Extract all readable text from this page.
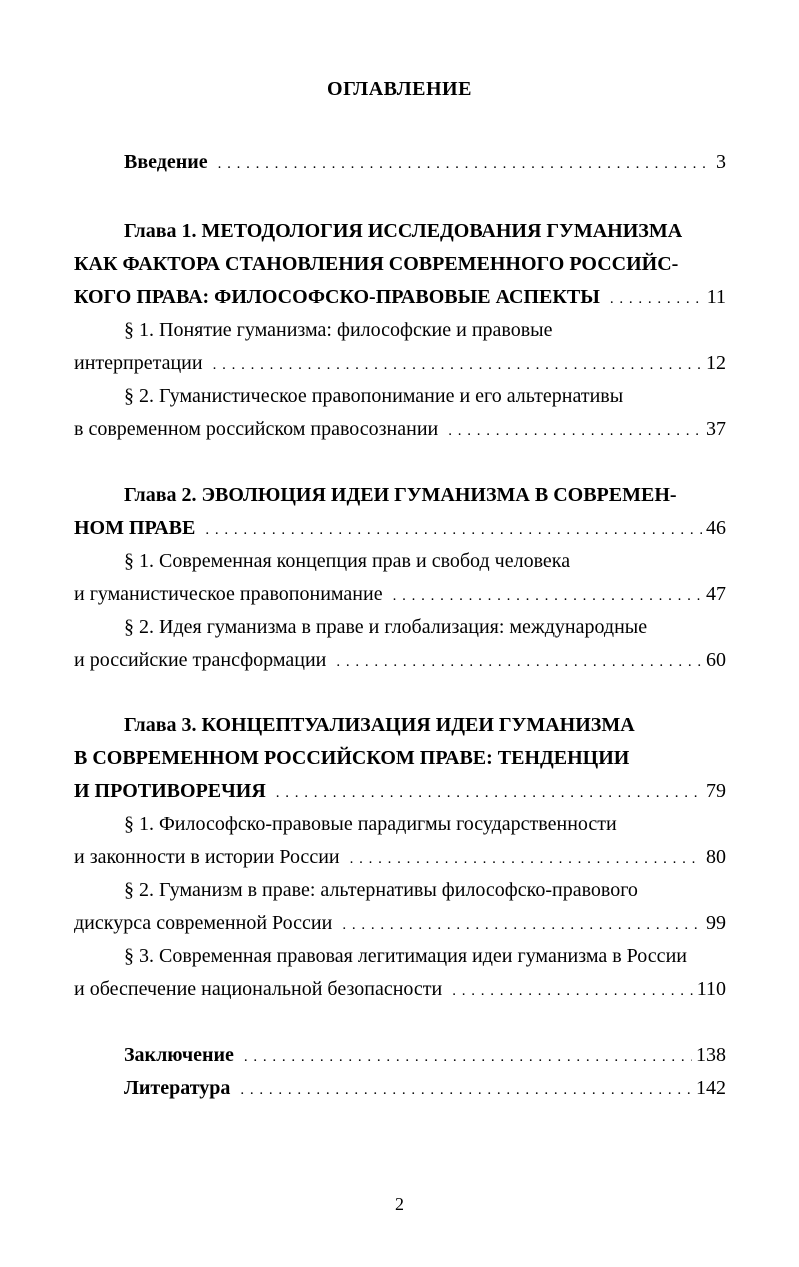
ОГЛАВЛЕНИЕ
Введение . . .	3
Глава 1. МЕТОДОЛОГИЯ ИССЛЕДОВАНИЯ ГУМАНИЗМА
КАК ФАКТОРА СТАНОВЛЕНИЯ СОВРЕМЕННОГО РОССИЙС-
КОГО ПРАВА: ФИЛОСОФСКО-ПРАВОВЫЕ АСПЕКТЫ . . .	11
§ 1. Понятие гуманизма: философские и правовые
интерпретации . . .	12
§ 2. Гуманистическое правопонимание и его альтернативы
в современном российском правосознании . . .	37
Глава 2. ЭВОЛЮЦИЯ ИДЕИ ГУМАНИЗМА В СОВРЕМЕН-
НОМ ПРАВЕ . . .	46
§ 1. Современная концепция прав и свобод человека
и гуманистическое правопонимание . . .	47
§ 2. Идея гуманизма в праве и глобализация: международные
и российские трансформации . . .	60
Глава 3. КОНЦЕПТУАЛИЗАЦИЯ ИДЕИ ГУМАНИЗМА
В СОВРЕМЕННОМ РОССИЙСКОМ ПРАВЕ: ТЕНДЕНЦИИ
И ПРОТИВОРЕЧИЯ . . .	79
§ 1. Философско-правовые парадигмы государственности
и законности в истории России . . .	80
§ 2. Гуманизм в праве: альтернативы философско-правового
дискурса современной России . . .	99
§ 3. Современная правовая легитимация идеи гуманизма в России
и обеспечение национальной безопасности . . .	110
Заключение . . .	138
Литература . . .	142
2
